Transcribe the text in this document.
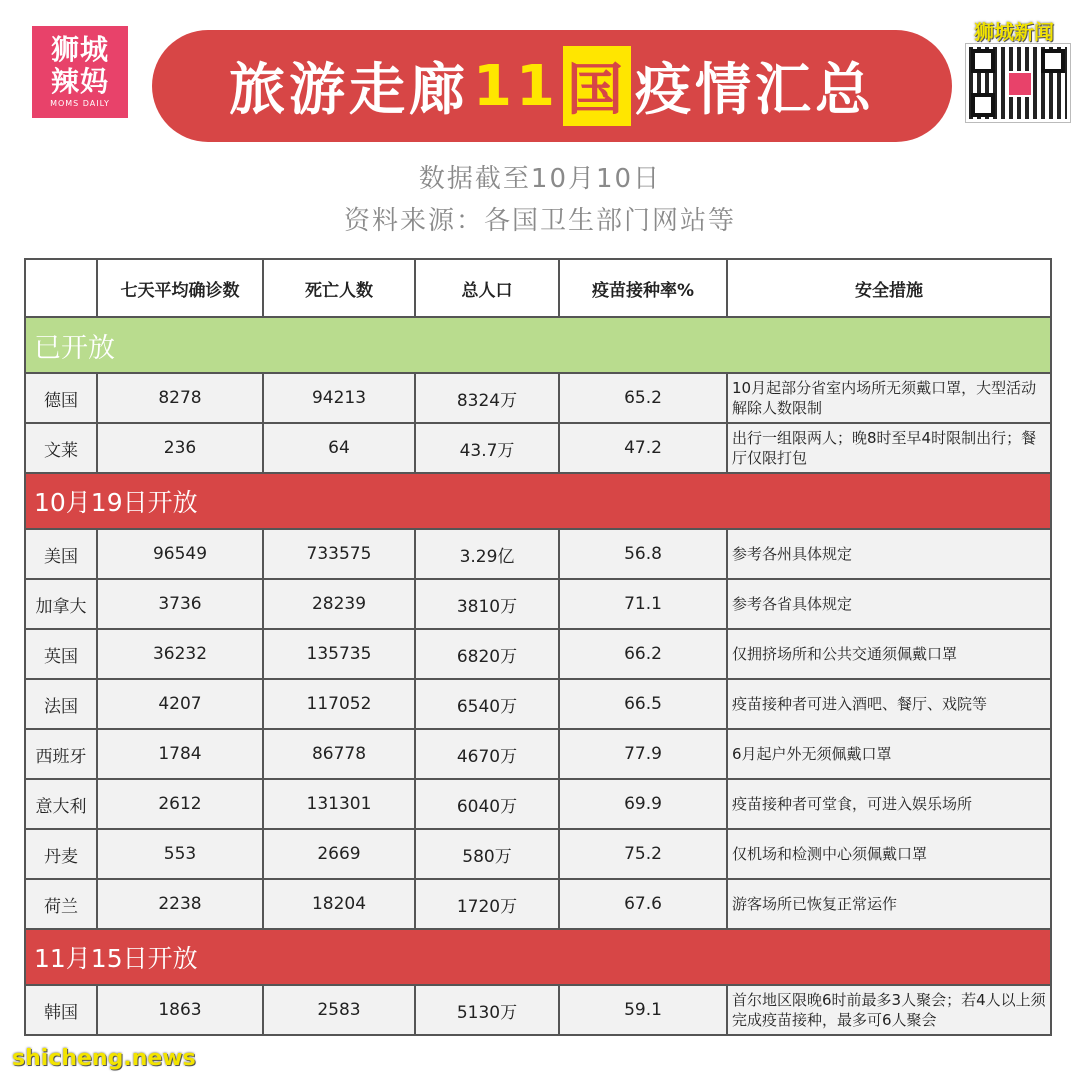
狮城
辣妈
MOMS DAILY	旅游走廊 11 国 疫情汇总
狮城新闻
数据截至10月10日
资料来源：各国卫生部门网站等
	七天平均确诊数	死亡人数	总人口	疫苗接种率%	安全措施
已开放					
德国	8278	94213	8324万	65.2	10月起部分省室内场所无须戴口罩，大型活动解除人数限制
文莱	236	64	43.7万	47.2	出行一组限两人；晚8时至早4时限制出行；餐厅仅限打包
10月19日开放					
美国	96549	733575	3.29亿	56.8	参考各州具体规定
加拿大	3736	28239	3810万	71.1	参考各省具体规定
英国	36232	135735	6820万	66.2	仅拥挤场所和公共交通须佩戴口罩
法国	4207	117052	6540万	66.5	疫苗接种者可进入酒吧、餐厅、戏院等
西班牙	1784	86778	4670万	77.9	6月起户外无须佩戴口罩
意大利	2612	131301	6040万	69.9	疫苗接种者可堂食，可进入娱乐场所
丹麦	553	2669	580万	75.2	仅机场和检测中心须佩戴口罩
荷兰	2238	18204	1720万	67.6	游客场所已恢复正常运作
11月15日开放					
韩国	1863	2583	5130万	59.1	首尔地区限晚6时前最多3人聚会；若4人以上须完成疫苗接种，最多可6人聚会
shicheng.news
